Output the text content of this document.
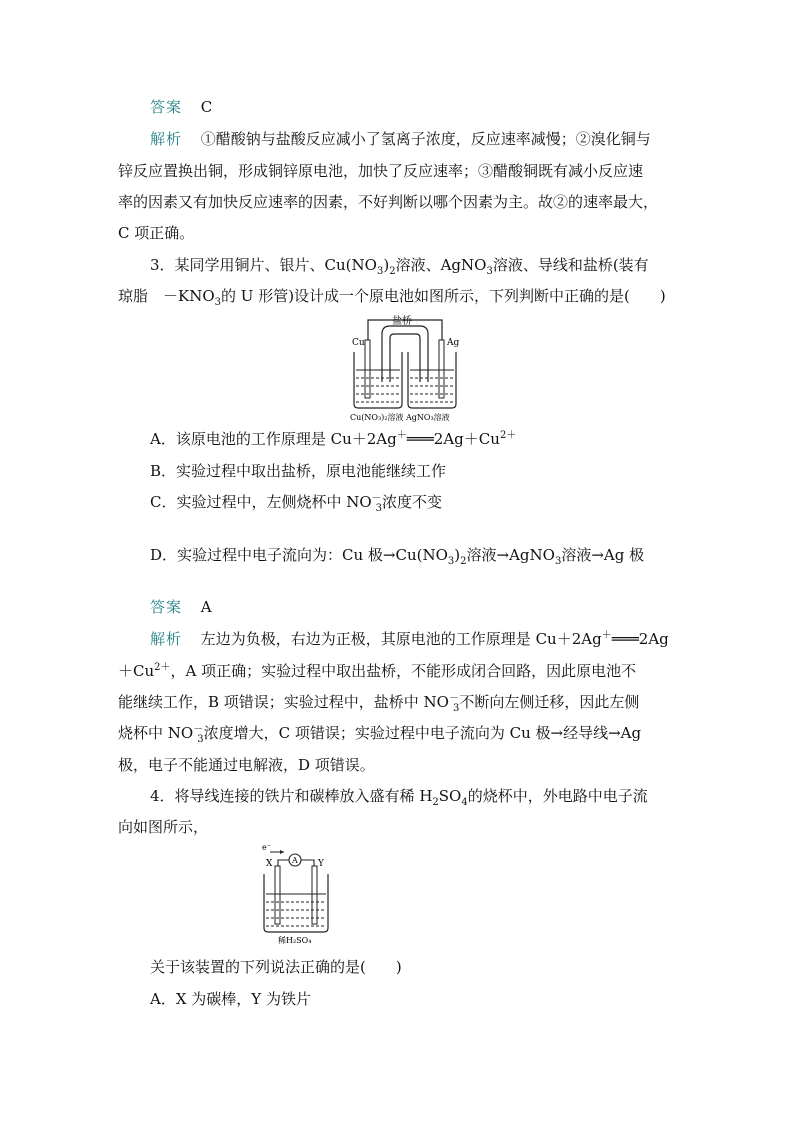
答案 C
解析 ①醋酸钠与盐酸反应减小了氢离子浓度，反应速率减慢；②溴化铜与
锌反应置换出铜，形成铜锌原电池，加快了反应速率；③醋酸铜既有减小反应速
率的因素又有加快反应速率的因素，不好判断以哪个因素为主。故②的速率最大，
C 项正确。
3．某同学用铜片、银片、$Cu(NO_3)_2$溶液、AgNO$_3$溶液、导线和盐桥(装有
琼脂　$-KNO_3$的 U 形管)设计成一个原电池如图所示，下列判断中正确的是(　　)
盐桥
Cu	Ag
Cu(NO₃)₂溶液 AgNO₃溶液
A．该原电池的工作原理是 $Cu+2Ag^+═══2Ag+Cu^{2+}$
B．实验过程中取出盐桥，原电池能继续工作
C．实验过程中，左侧烧杯中 $NO^-_3$浓度不变
D．实验过程中电子流向为：Cu 极$\to Cu(NO_3)_2$溶液→AgNO$_3$溶液→Ag 极
答案 A
解析 左边为负极，右边为正极，其原电池的工作原理是 Cu＋2Ag＋═══2Ag
$+Cu^{2+}$，A 项正确；实验过程中取出盐桥，不能形成闭合回路，因此原电池不
能继续工作，B 项错误；实验过程中，盐桥中 $NO^-_3$不断向左侧迁移，因此左侧
烧杯中 $NO^-_3$浓度增大，C 项错误；实验过程中电子流向为 Cu 极→经导线→Ag
极，电子不能通过电解液，D 项错误。
4．将导线连接的铁片和碳棒放入盛有稀 $H_2SO_4$的烧杯中，外电路中电子流
向如图所示，
A
e⁻
X	Y
稀H₂SO₄
关于该装置的下列说法正确的是(　　)
A．X 为碳棒，Y 为铁片
